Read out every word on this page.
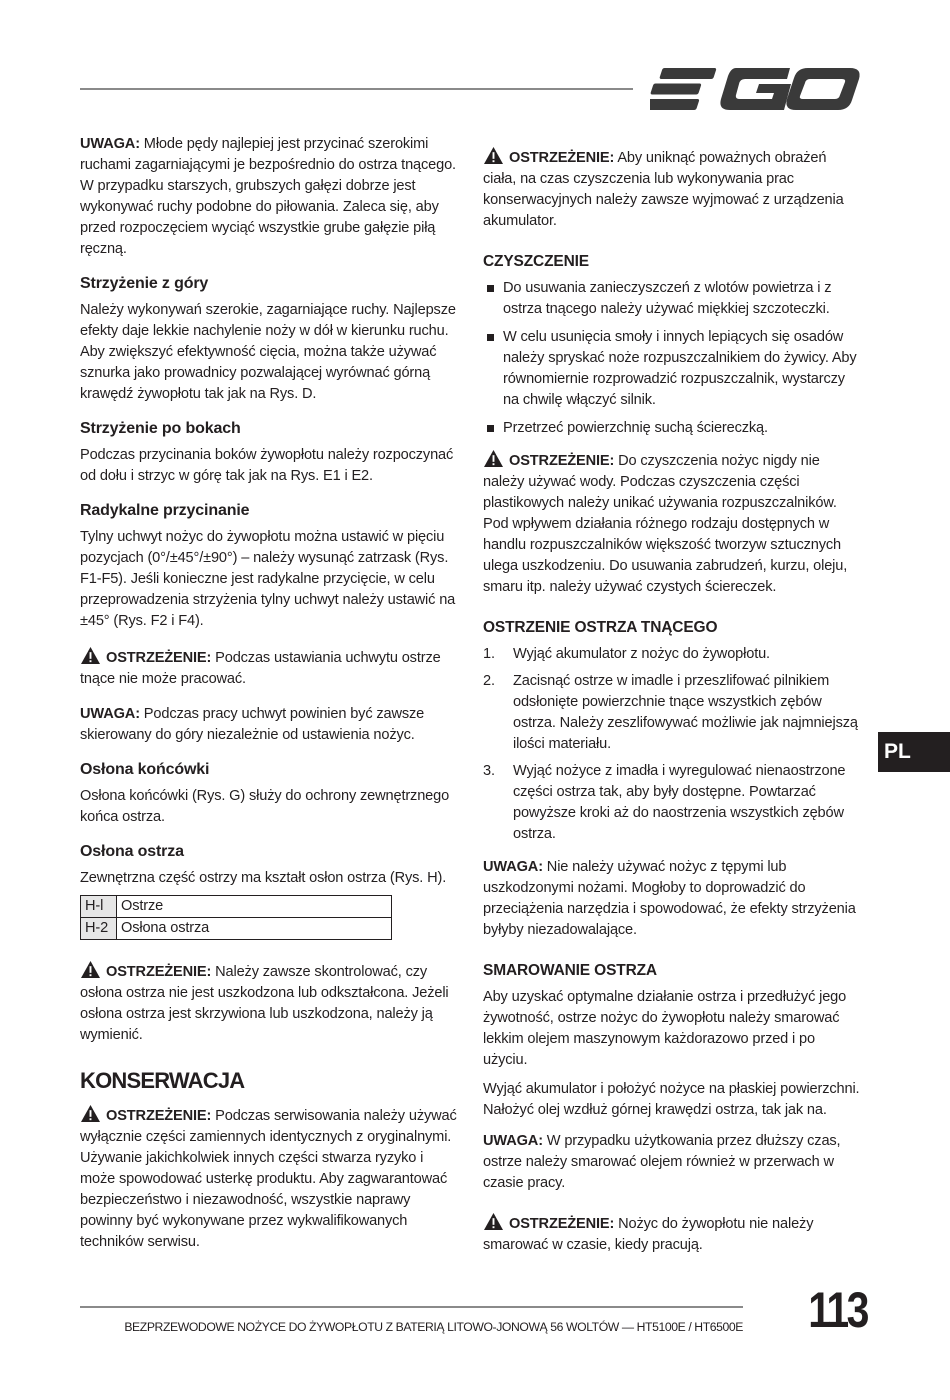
UWAGA: Młode pędy najlepiej jest przycinać szerokimi ruchami zagarniającymi je bezpośrednio do ostrza tnącego. W przypadku starszych, grubszych gałęzi dobrze jest wykonywać ruchy podobne do piłowania. Zaleca się, aby przed rozpoczęciem wyciąć wszystkie grube gałęzie piłą ręczną.

Strzyżenie z góry

Należy wykonywań szerokie, zagarniające ruchy. Najlepsze efekty daje lekkie nachylenie noży w dół w kierunku ruchu. Aby zwiększyć efektywność cięcia, można także używać sznurka jako prowadnicy pozwalającej wyrównać górną krawędź żywopłotu tak jak na Rys. D.

Strzyżenie po bokach

Podczas przycinania boków żywopłotu należy rozpoczynać od dołu i strzyc w górę tak jak na Rys. E1 i E2.

Radykalne przycinanie

Tylny uchwyt nożyc do żywopłotu można ustawić w pięciu pozycjach (0°/±45°/±90°) – należy wysunąć zatrzask (Rys. F1-F5). Jeśli konieczne jest radykalne przycięcie, w celu przeprowadzenia strzyżenia tylny uchwyt należy ustawić na ±45° (Rys. F2 i F4).

OSTRZEŻENIE: Podczas ustawiania uchwytu ostrze tnące nie może pracować.

UWAGA: Podczas pracy uchwyt powinien być zawsze skierowany do góry niezależnie od ustawienia nożyc.

Osłona końcówki

Osłona końcówki (Rys. G) służy do ochrony zewnętrznego końca ostrza.

Osłona ostrza

Zewnętrzna część ostrzy ma kształt osłon ostrza (Rys. H).

H-l	Ostrze
H-2	Osłona ostrza

OSTRZEŻENIE: Należy zawsze skontrolować, czy osłona ostrza nie jest uszkodzona lub odkształcona. Jeżeli osłona ostrza jest skrzywiona lub uszkodzona, należy ją wymienić.

KONSERWACJA

OSTRZEŻENIE: Podczas serwisowania należy używać wyłącznie części zamiennych identycznych z oryginalnymi. Używanie jakichkolwiek innych części stwarza ryzyko i może spowodować usterkę produktu. Aby zagwarantować bezpieczeństwo i niezawodność, wszystkie naprawy powinny być wykonywane przez wykwalifikowanych techników serwisu.

OSTRZEŻENIE: Aby uniknąć poważnych obrażeń ciała, na czas czyszczenia lub wykonywania prac konserwacyjnych należy zawsze wyjmować z urządzenia akumulator.

CZYSZCZENIE
Do usuwania zanieczyszczeń z wlotów powietrza i z ostrza tnącego należy używać miękkiej szczoteczki.
W celu usunięcia smoły i innych lepiących się osadów należy spryskać noże rozpuszczalnikiem do żywicy. Aby równomiernie rozprowadzić rozpuszczalnik, wystarczy na chwilę włączyć silnik.
Przetrzeć powierzchnię suchą ściereczką.

OSTRZEŻENIE: Do czyszczenia nożyc nigdy nie należy używać wody. Podczas czyszczenia części plastikowych należy unikać używania rozpuszczalników. Pod wpływem działania różnego rodzaju dostępnych w handlu rozpuszczalników większość tworzyw sztucznych ulega uszkodzeniu. Do usuwania zabrudzeń, kurzu, oleju, smaru itp. należy używać czystych ściereczek.

OSTRZENIE OSTRZA TNĄCEGO
1. Wyjąć akumulator z nożyc do żywopłotu.
2. Zacisnąć ostrze w imadle i przeszlifować pilnikiem odsłonięte powierzchnie tnące wszystkich zębów ostrza. Należy zeszlifowywać możliwie jak najmniejszą ilości materiału.
3. Wyjąć nożyce z imadła i wyregulować nienaostrzone części ostrza tak, aby były dostępne. Powtarzać powyższe kroki aż do naostrzenia wszystkich zębów ostrza.

UWAGA: Nie należy używać nożyc z tępymi lub uszkodzonymi nożami. Mogłoby to doprowadzić do przeciążenia narzędzia i spowodować, że efekty strzyżenia byłyby niezadowalające.

SMAROWANIE OSTRZA

Aby uzyskać optymalne działanie ostrza i przedłużyć jego żywotność, ostrze nożyc do żywopłotu należy smarować lekkim olejem maszynowym każdorazowo przed i po użyciu.

Wyjąć akumulator i położyć nożyce na płaskiej powierzchni. Nałożyć olej wzdłuż górnej krawędzi ostrza, tak jak na.

UWAGA: W przypadku użytkowania przez dłuższy czas, ostrze należy smarować olejem również w przerwach w czasie pracy.

OSTRZEŻENIE: Nożyc do żywopłotu nie należy smarować w czasie, kiedy pracują.

PL
BEZPRZEWODOWE NOŻYCE DO ŻYWOPŁOTU Z BATERIĄ LITOWO-JONOWĄ 56 WOLTÓW — HT5100E / HT6500E 113
